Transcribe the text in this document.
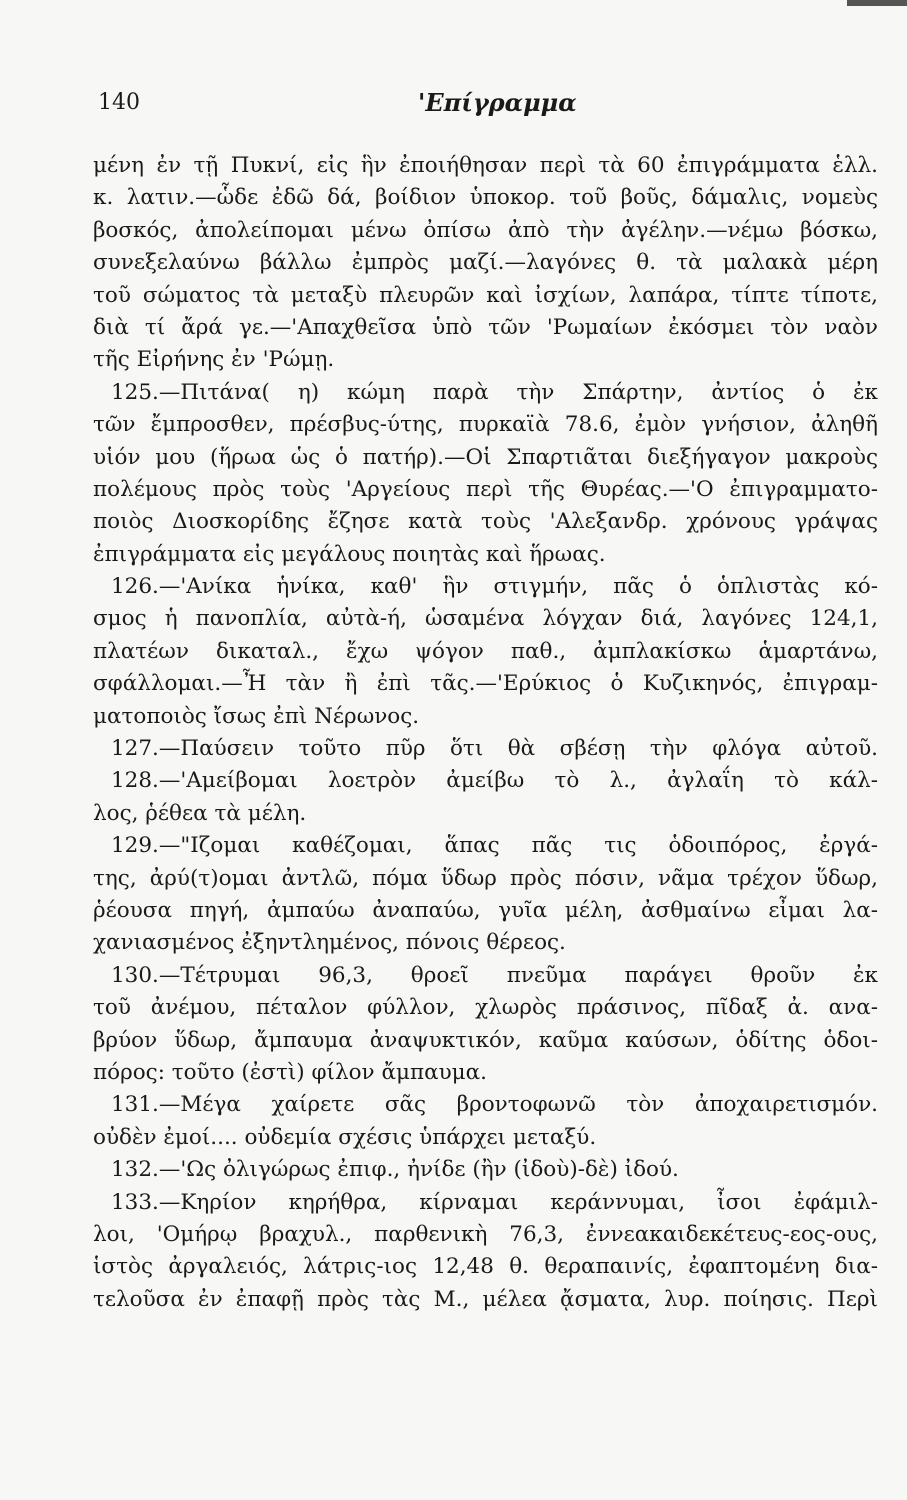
140	'Επίγραμμα
μένη ἐν τῇ Πυκνί, εἰς ἣν ἐποιήθησαν περὶ τὰ 60 ἐπιγράμματα ἑλλ.
κ. λατιν.—ὧδε ἐδῶ δά, βοίδιον ὑποκορ. τοῦ βοῦς, δάμαλις, νομεὺς
βοσκός, ἀπολείπομαι μένω ὀπίσω ἀπὸ τὴν ἀγέλην.—νέμω βόσκω,
συνεξελαύνω βάλλω ἐμπρὸς μαζί.—λαγόνες θ. τὰ μαλακὰ μέρη
τοῦ σώματος τὰ μεταξὺ πλευρῶν καὶ ἰσχίων, λαπάρα, τίπτε τίποτε,
διὰ τί ἄρά γε.—'Απαχθεῖσα ὑπὸ τῶν 'Ρωμαίων ἐκόσμει τὸν ναὸν
τῆς Εἰρήνης ἐν 'Ρώμῃ.
125.—Πιτάνα( η) κώμη παρὰ τὴν Σπάρτην, ἀντίος ὁ ἐκ
τῶν ἔμπροσθεν, πρέσβυς-ύτης, πυρκαϊὰ 78.6, ἐμὸν γνήσιον, ἀληθῆ
υἱόν μου (ἥρωα ὡς ὁ πατήρ).—Οἱ Σπαρτιᾶται διεξήγαγον μακροὺς
πολέμους πρὸς τοὺς 'Αργείους περὶ τῆς Θυρέας.—'Ο ἐπιγραμματο-
ποιὸς Διοσκορίδης ἔζησε κατὰ τοὺς 'Αλεξανδρ. χρόνους γράψας
ἐπιγράμματα εἰς μεγάλους ποιητὰς καὶ ἥρωας.
126.—'Ανίκα ἡνίκα, καθ' ἣν στιγμήν, πᾶς ὁ ὁπλιστὰς κό-
σμος ἡ πανοπλία, αὐτὰ-ή, ὡσαμένα λόγχαν διά, λαγόνες 124,1,
πλατέων δικαταλ., ἔχω ψόγον παθ., ἀμπλακίσκω ἁμαρτάνω,
σφάλλομαι.—Ἦ τὰν ἢ ἐπὶ τᾶς.—'Ερύκιος ὁ Κυζικηνός, ἐπιγραμ-
ματοποιὸς ἴσως ἐπὶ Νέρωνος.
127.—Παύσειν τοῦτο πῦρ ὅτι θὰ σβέσῃ τὴν φλόγα αὐτοῦ.
128.—'Αμείβομαι λοετρὸν ἀμείβω τὸ λ., ἀγλαΐη τὸ κάλ-
λος, ῥέθεα τὰ μέλη.
129.—"Ιζομαι καθέζομαι, ἅπας πᾶς τις ὁδοιπόρος, ἐργά-
της, ἀρύ(τ)ομαι ἀντλῶ, πόμα ὕδωρ πρὸς πόσιν, νᾶμα τρέχον ὕδωρ,
ῥέουσα πηγή, ἀμπαύω ἀναπαύω, γυῖα μέλη, ἀσθμαίνω εἶμαι λα-
χανιασμένος ἐξηντλημένος, πόνοις θέρεος.
130.—Τέτρυμαι 96,3, θροεῖ πνεῦμα παράγει θροῦν ἐκ
τοῦ ἀνέμου, πέταλον φύλλον, χλωρὸς πράσινος, πῖδαξ ἀ. ανα-
βρύον ὕδωρ, ἄμπαυμα ἀναψυκτικόν, καῦμα καύσων, ὁδίτης ὁδοι-
πόρος: τοῦτο (ἐστὶ) φίλον ἄμπαυμα.
131.—Μέγα χαίρετε σᾶς βροντοφωνῶ τὸν ἀποχαιρετισμόν.
οὐδὲν ἐμοί.... οὐδεμία σχέσις ὑπάρχει μεταξύ.
132.—'Ως ὀλιγώρως ἐπιφ., ἠνίδε (ἢν (ἰδοὺ)-δὲ) ἰδού.
133.—Κηρίον κηρήθρα, κίρναμαι κεράννυμαι, ἶσοι ἐφάμιλ-
λοι, 'Ομήρῳ βραχυλ., παρθενικὴ 76,3, ἐννεακαιδεκέτευς-εος-ους,
ἱστὸς ἀργαλειός, λάτρις-ιος 12,48 θ. θεραπαινίς, ἐφαπτομένη δια-
τελοῦσα ἐν ἐπαφῇ πρὸς τὰς Μ., μέλεα ᾄσματα, λυρ. ποίησις. Περὶ
